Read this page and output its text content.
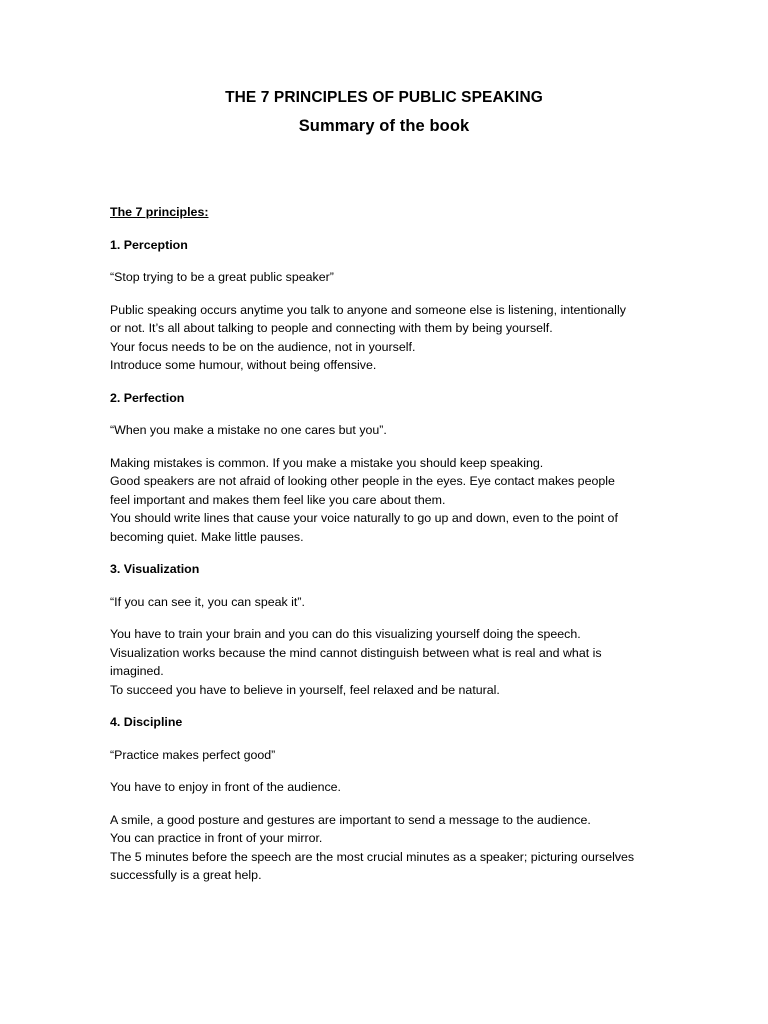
THE 7 PRINCIPLES OF PUBLIC SPEAKING
Summary of the book
The 7 principles:
1. Perception
“Stop trying to be a great public speaker”
Public speaking occurs anytime you talk to anyone and someone else is listening, intentionally
or not. It’s all about talking to people and connecting with them by being yourself.
Your focus needs to be on the audience, not in yourself.
Introduce some humour, without being offensive.
2. Perfection
“When you make a mistake no one cares but you”.
Making mistakes is common. If you make a mistake you should keep speaking.
Good speakers are not afraid of looking other people in the eyes. Eye contact makes people
feel important and makes them feel like you care about them.
You should write lines that cause your voice naturally to go up and down, even to the point of
becoming quiet. Make little pauses.
3. Visualization
“If you can see it, you can speak it”.
You have to train your brain and you can do this visualizing yourself doing the speech.
Visualization works because the mind cannot distinguish between what is real and what is
imagined.
To succeed you have to believe in yourself, feel relaxed and be natural.
4. Discipline
“Practice makes perfect good”
You have to enjoy in front of the audience.
A smile, a good posture and gestures are important to send a message to the audience.
You can practice in front of your mirror.
The 5 minutes before the speech are the most crucial minutes as a speaker; picturing ourselves
successfully is a great help.
